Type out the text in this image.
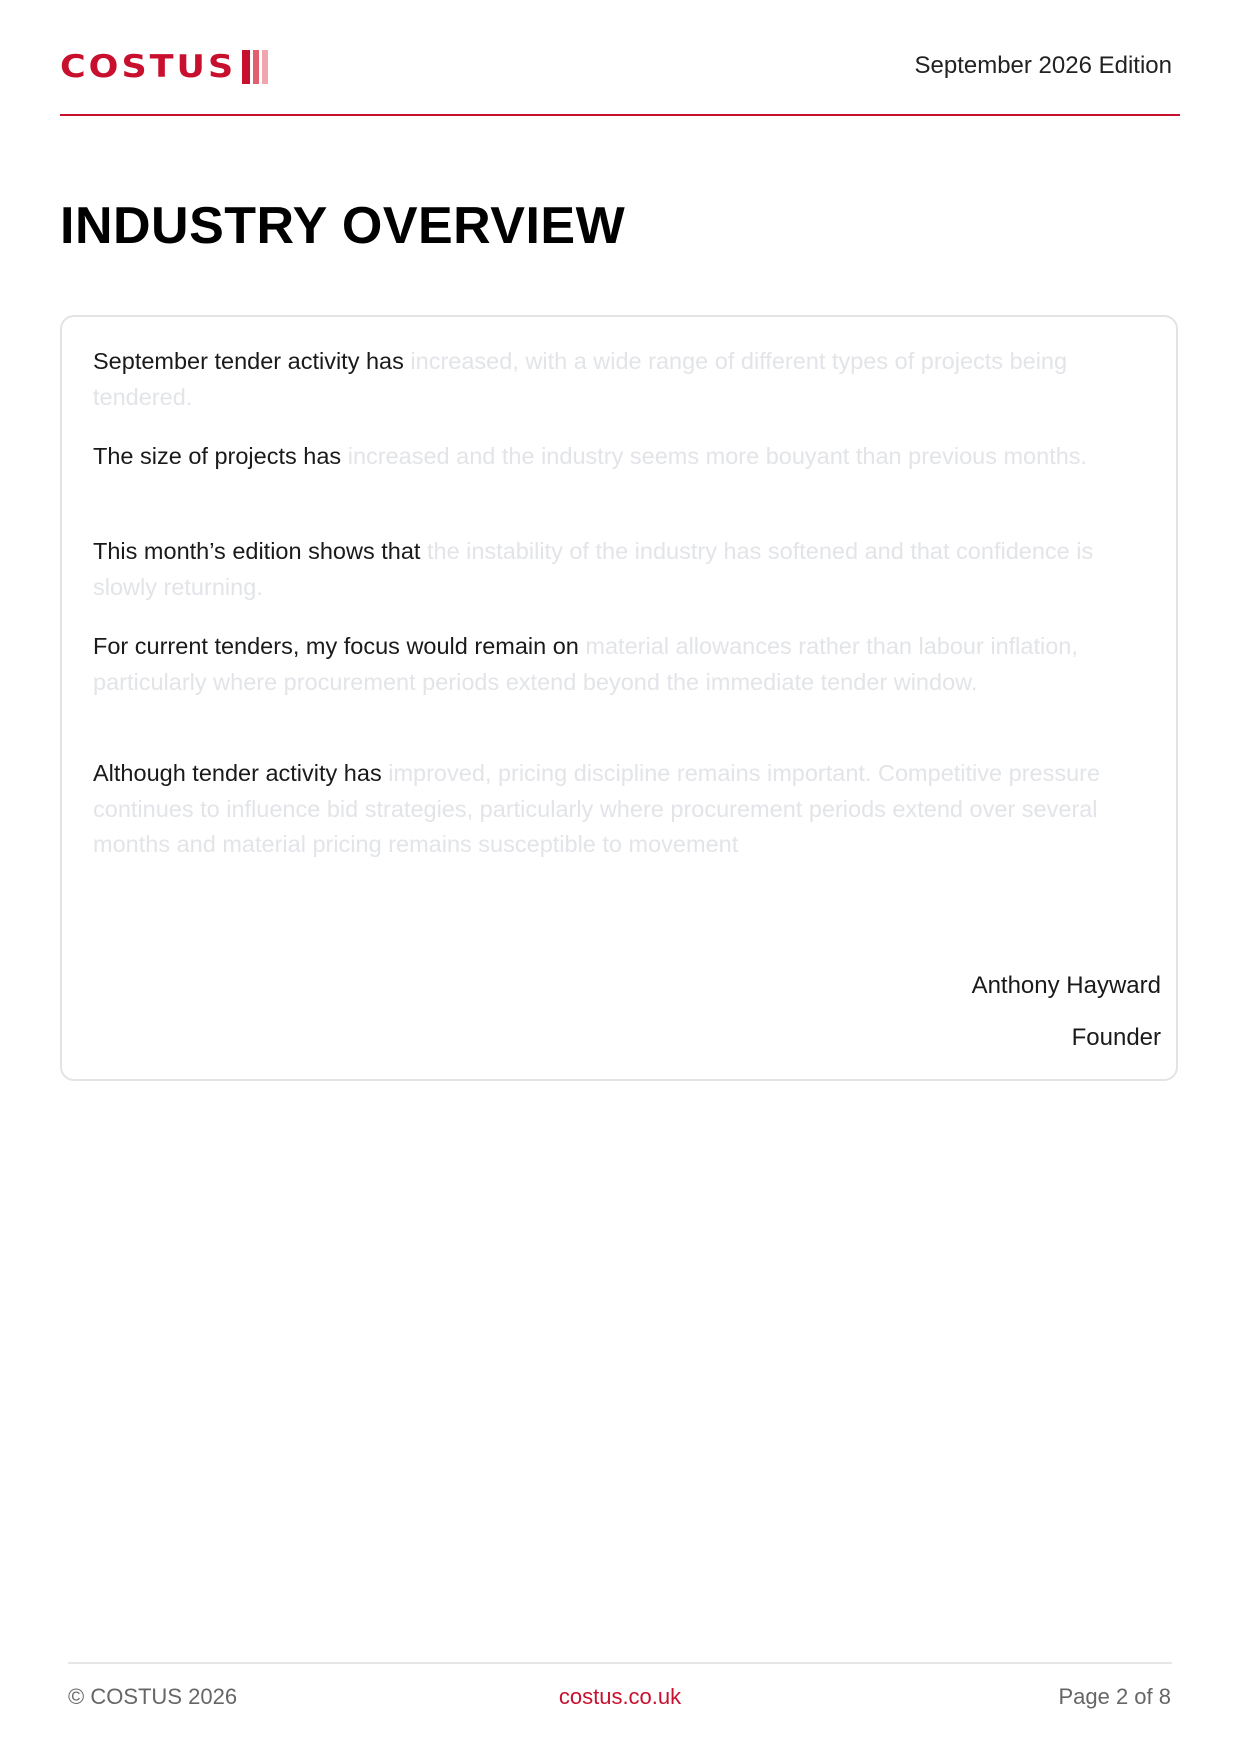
COSTUS	September 2026 Edition
INDUSTRY OVERVIEW

September tender activity has increased, with a wide range of different types of projects being tendered.

The size of projects has increased and the industry seems more bouyant than previous months.

This month’s edition shows that the instability of the industry has softened and that confidence is slowly returning.

For current tenders, my focus would remain on material allowances rather than labour inflation, particularly where procurement periods extend beyond the immediate tender window.

Although tender activity has improved, pricing discipline remains important. Competitive pressure continues to influence bid strategies, particularly where procurement periods extend over several months and material pricing remains susceptible to movement

Anthony Hayward
Founder
© COSTUS 2026	costus.co.uk	Page 2 of 8
